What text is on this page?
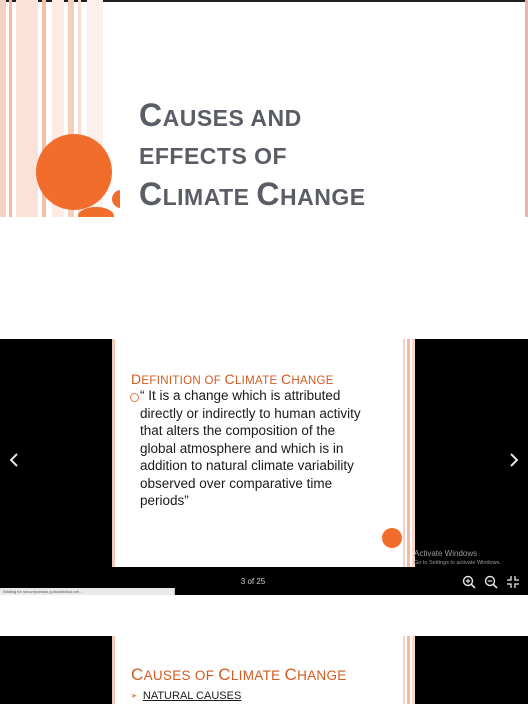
CAUSES AND
EFFECTS OF
CLIMATE CHANGE
DEFINITION OF CLIMATE CHANGE
“ It is a change which is attributed
directly or indirectly to human activity
that alters the composition of the
global atmosphere and which is in
addition to natural climate variability
observed over comparative time
periods”
Activate Windows
Go to Settings to activate Windows.
3 of 25
Waiting for securepubads.g.doubleclick.net...
CAUSES OF CLIMATE CHANGE
➤ NATURAL CAUSES
